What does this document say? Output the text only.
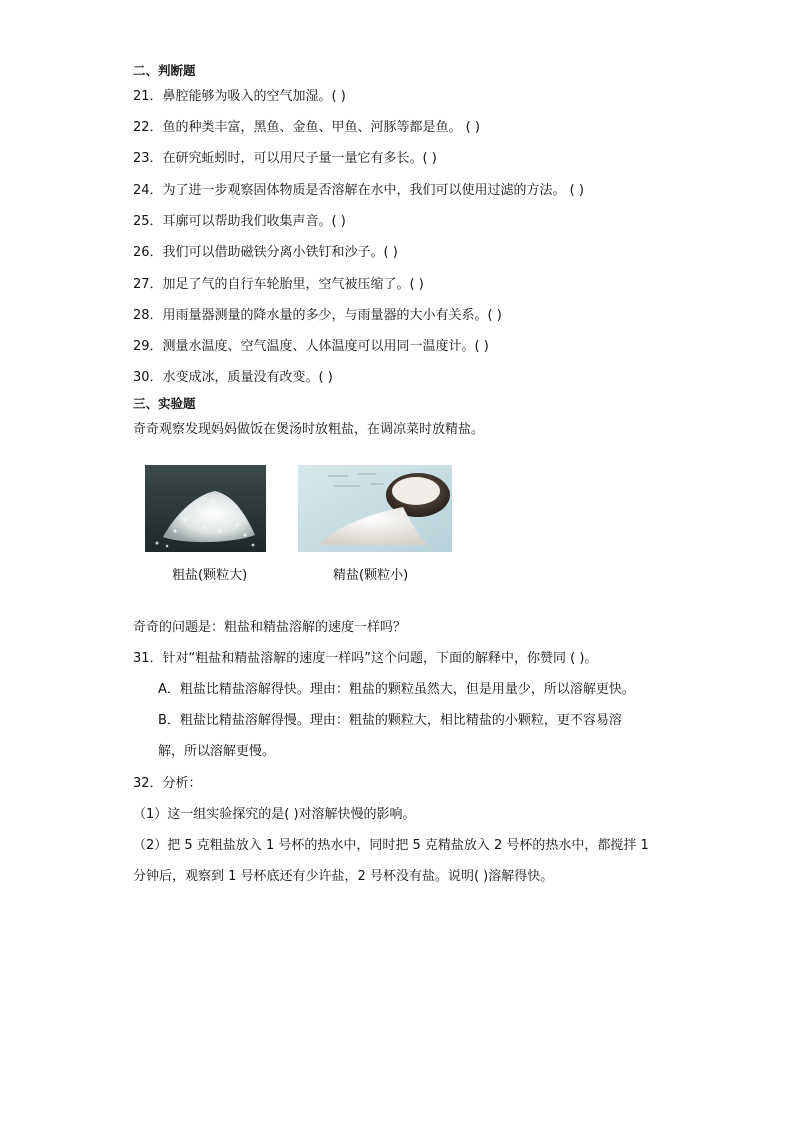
二、判断题
21．鼻腔能够为吸入的空气加湿。( )
22．鱼的种类丰富，黑鱼、金鱼、甲鱼、河豚等都是鱼。 ( )
23．在研究蚯蚓时，可以用尺子量一量它有多长。( )
24．为了进一步观察固体物质是否溶解在水中，我们可以使用过滤的方法。 ( )
25．耳廓可以帮助我们收集声音。( )
26．我们可以借助磁铁分离小铁钉和沙子。( )
27．加足了气的自行车轮胎里，空气被压缩了。( )
28．用雨量器测量的降水量的多少，与雨量器的大小有关系。( )
29．测量水温度、空气温度、人体温度可以用同一温度计。( )
30．水变成冰，质量没有改变。( )
三、实验题
奇奇观察发现妈妈做饭在煲汤时放粗盐，在调凉菜时放精盐。
粗盐(颗粒大)	精盐(颗粒小)
奇奇的问题是：粗盐和精盐溶解的速度一样吗？
31．针对“粗盐和精盐溶解的速度一样吗”这个问题，下面的解释中，你赞同 ( )。
A．粗盐比精盐溶解得快。理由：粗盐的颗粒虽然大，但是用量少，所以溶解更快。
B．粗盐比精盐溶解得慢。理由：粗盐的颗粒大，相比精盐的小颗粒，更不容易溶
解，所以溶解更慢。
32．分析：
（1）这一组实验探究的是( )对溶解快慢的影响。
（2）把 5 克粗盐放入 1 号杯的热水中，同时把 5 克精盐放入 2 号杯的热水中，都搅拌 1
分钟后，观察到 1 号杯底还有少许盐，2 号杯没有盐。说明( )溶解得快。
